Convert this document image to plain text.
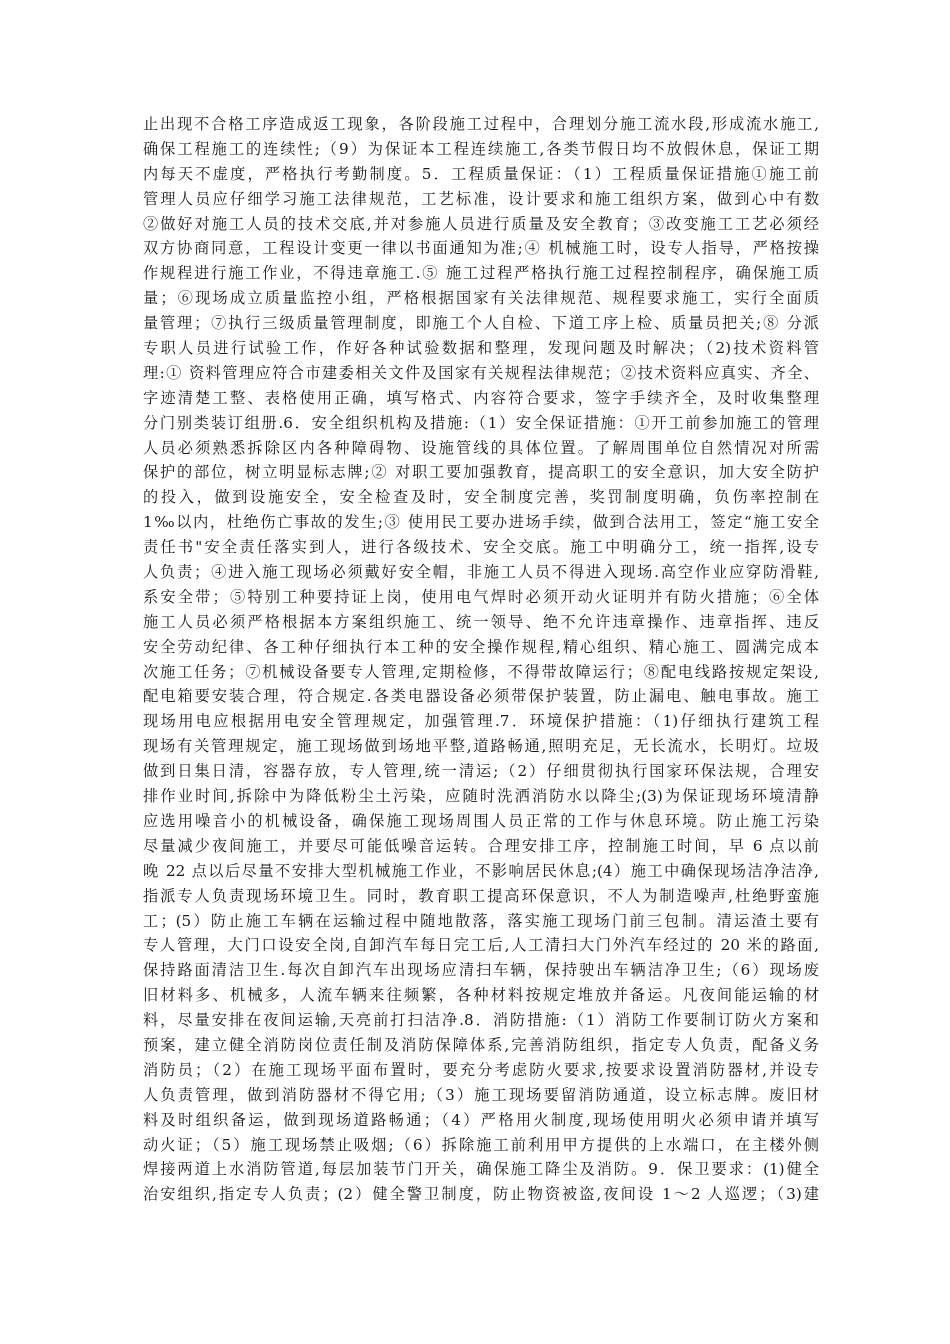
止出现不合格工序造成返工现象，各阶段施工过程中，合理划分施工流水段,形成流水施工,
确保工程施工的连续性;（9）为保证本工程连续施工,各类节假日均不放假休息，保证工期
内每天不虚度，严格执行考勤制度。5．工程质量保证：（1）工程质量保证措施①施工前
管理人员应仔细学习施工法律规范，工艺标准，设计要求和施工组织方案，做到心中有数
②做好对施工人员的技术交底,并对参施人员进行质量及安全教育；③改变施工工艺必须经
双方协商同意，工程设计变更一律以书面通知为准;④ 机械施工时，设专人指导，严格按操
作规程进行施工作业，不得违章施工.⑤ 施工过程严格执行施工过程控制程序，确保施工质
量；⑥现场成立质量监控小组，严格根据国家有关法律规范、规程要求施工，实行全面质
量管理；⑦执行三级质量管理制度，即施工个人自检、下道工序上检、质量员把关;⑧ 分派
专职人员进行试验工作，作好各种试验数据和整理，发现问题及时解决；（2)技术资料管
理:① 资料管理应符合市建委相关文件及国家有关规程法律规范；②技术资料应真实、齐全、
字迹清楚工整、表格使用正确，填写格式、内容符合要求，签字手续齐全，及时收集整理
分门别类装订组册.6．安全组织机构及措施:（1）安全保证措施：①开工前参加施工的管理
人员必须熟悉拆除区内各种障碍物、设施管线的具体位置。了解周围单位自然情况对所需
保护的部位，树立明显标志牌;② 对职工要加强教育，提高职工的安全意识，加大安全防护
的投入，做到设施安全，安全检查及时，安全制度完善，奖罚制度明确，负伤率控制在
1‰以内，杜绝伤亡事故的发生;③ 使用民工要办进场手续，做到合法用工，签定“施工安全
责任书"安全责任落实到人，进行各级技术、安全交底。施工中明确分工，统一指挥,设专
人负责；④进入施工现场必须戴好安全帽，非施工人员不得进入现场.高空作业应穿防滑鞋,
系安全带；⑤特别工种要持证上岗，使用电气焊时必须开动火证明并有防火措施；⑥全体
施工人员必须严格根据本方案组织施工、统一领导、绝不允许违章操作、违章指挥、违反
安全劳动纪律、各工种仔细执行本工种的安全操作规程,精心组织、精心施工、圆满完成本
次施工任务；⑦机械设备要专人管理,定期检修，不得带故障运行；⑧配电线路按规定架设,
配电箱要安装合理，符合规定.各类电器设备必须带保护装置，防止漏电、触电事故。施工
现场用电应根据用电安全管理规定，加强管理.7．环境保护措施：（1)仔细执行建筑工程
现场有关管理规定，施工现场做到场地平整,道路畅通,照明充足，无长流水，长明灯。垃圾
做到日集日清，容器存放，专人管理,统一清运;（2）仔细贯彻执行国家环保法规，合理安
排作业时间,拆除中为降低粉尘土污染，应随时洗洒消防水以降尘;(3)为保证现场环境清静
应选用噪音小的机械设备，确保施工现场周围人员正常的工作与休息环境。防止施工污染
尽量减少夜间施工，并要尽可能低噪音运转。合理安排工序，控制施工时间，早 6 点以前
晚 22 点以后尽量不安排大型机械施工作业，不影响居民休息;(4）施工中确保现场洁净洁净,
指派专人负责现场环境卫生。同时，教育职工提高环保意识，不人为制造噪声,杜绝野蛮施
工；(5）防止施工车辆在运输过程中随地散落，落实施工现场门前三包制。清运渣土要有
专人管理，大门口设安全岗,自卸汽车每日完工后,人工清扫大门外汽车经过的 20 米的路面,
保持路面清洁卫生.每次自卸汽车出现场应清扫车辆，保持驶出车辆洁净卫生;（6）现场废
旧材料多、机械多，人流车辆来往频繁，各种材料按规定堆放并备运。凡夜间能运输的材
料，尽量安排在夜间运输,天亮前打扫洁净.8．消防措施:（1）消防工作要制订防火方案和
预案，建立健全消防岗位责任制及消防保障体系,完善消防组织，指定专人负责，配备义务
消防员；（2）在施工现场平面布置时，要充分考虑防火要求,按要求设置消防器材,并设专
人负责管理，做到消防器材不得它用;（3）施工现场要留消防通道，设立标志牌。废旧材
料及时组织备运，做到现场道路畅通；（4）严格用火制度,现场使用明火必须申请并填写
动火证；（5）施工现场禁止吸烟;（6）拆除施工前利用甲方提供的上水端口，在主楼外侧
焊接两道上水消防管道,每层加装节门开关，确保施工降尘及消防。9．保卫要求：(1)健全
治安组织,指定专人负责；(2）健全警卫制度，防止物资被盗,夜间设 1～2 人巡逻；（3)建
